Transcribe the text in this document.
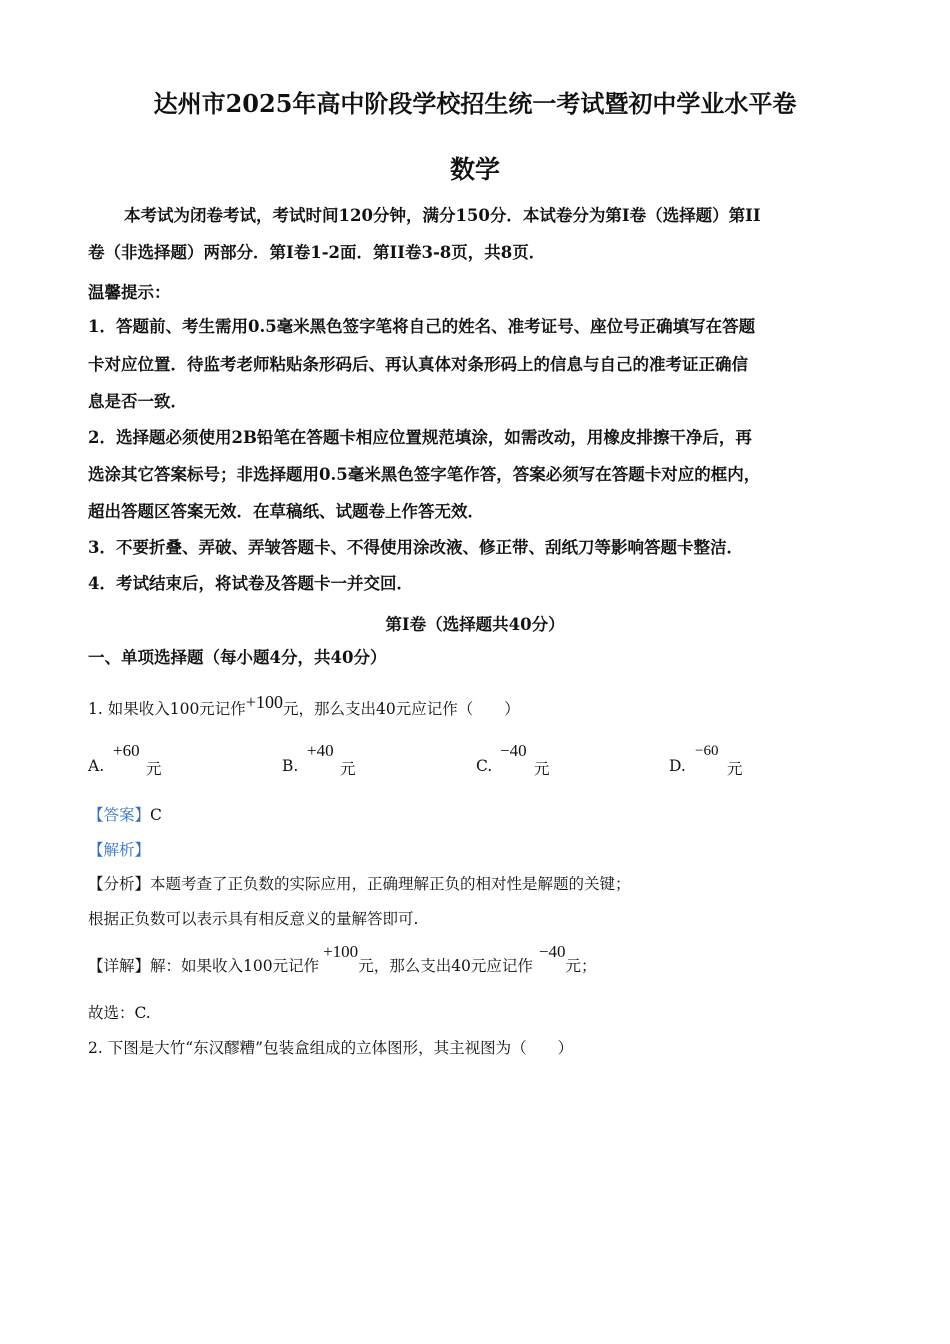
达州市2025年高中阶段学校招生统一考试暨初中学业水平卷
数学
本考试为闭卷考试，考试时间120分钟，满分150分．本试卷分为第I卷（选择题）第II
卷（非选择题）两部分．第I卷1-2面．第II卷3-8页，共8页．
温馨提示：
1．答题前、考生需用0.5毫米黑色签字笔将自己的姓名、准考证号、座位号正确填写在答题
卡对应位置．待监考老师粘贴条形码后、再认真体对条形码上的信息与自己的准考证正确信
息是否一致．
2．选择题必须使用2B铅笔在答题卡相应位置规范填涂，如需改动，用橡皮排擦干净后，再
选涂其它答案标号；非选择题用0.5毫米黑色签字笔作答，答案必须写在答题卡对应的框内，
超出答题区答案无效．在草稿纸、试题卷上作答无效．
3．不要折叠、弄破、弄皱答题卡、不得使用涂改液、修正带、刮纸刀等影响答题卡整洁．
4．考试结束后，将试卷及答题卡一并交回．
第I卷（选择题共40分）
一、单项选择题（每小题4分，共40分）
1. 如果收入100元记作+100元，那么支出40元应记作（　　）
A.
+60
元	B.
+40
元	C.
−40
元	D.
−60
元
【答案】C
【解析】
【分析】本题考查了正负数的实际应用，正确理解正负的相对性是解题的关键；
根据正负数可以表示具有相反意义的量解答即可.
【详解】解：如果收入100元记作+100元，那么支出40元应记作−40元；
故选：C.
2. 下图是大竹“东汉醪糟”包装盒组成的立体图形，其主视图为（　　）
